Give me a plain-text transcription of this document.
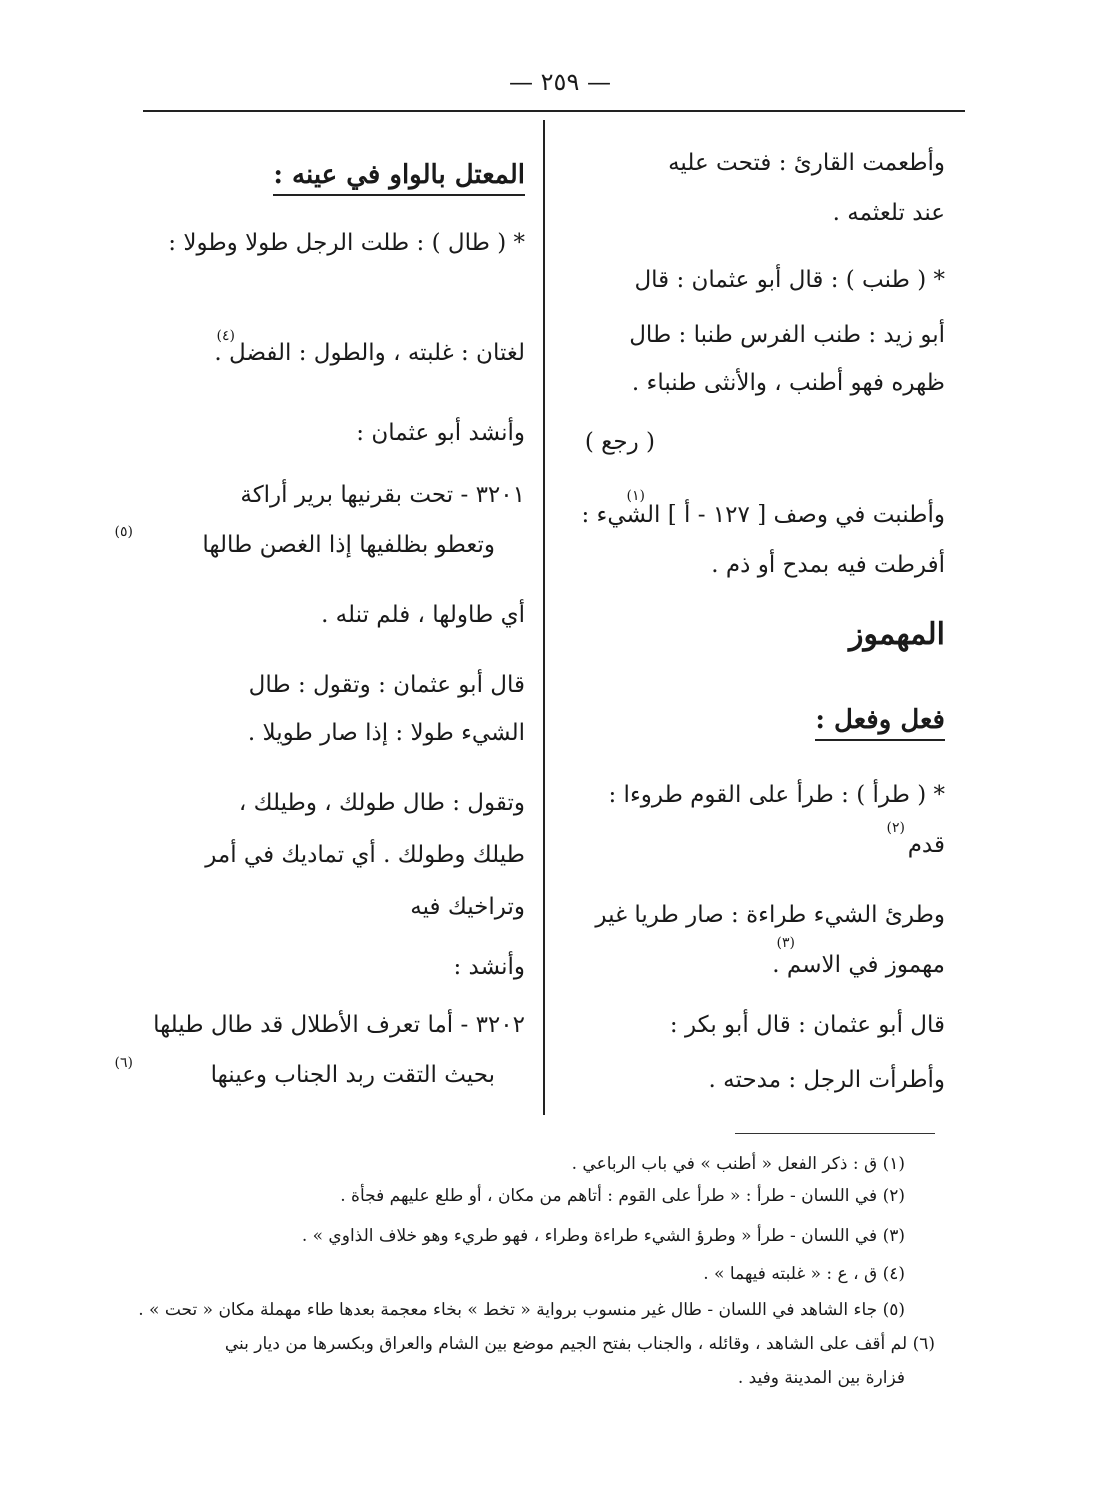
— ٢٥٩ —
وأطعمت القارئ : فتحت عليه
عند تلعثمه .
* ( طنب ) : قال أبو عثمان : قال
أبو زيد : طنب الفرس طنبا : طال
ظهره فهو أطنب ، والأنثى طنباء .
( رجع )
وأطنبت في وصف [ ١٢٧ - أ ] الشيء :
(١)
أفرطت فيه بمدح أو ذم .
المهموز
فعل وفعل :
* ( طرأ ) : طرأ على القوم طروءا :
قدم
(٢)
وطرئ الشيء طراءة : صار طريا غير
مهموز في الاسم .
(٣)
قال أبو عثمان : قال أبو بكر :
وأطرأت الرجل : مدحته .
المعتل بالواو في عينه :
* ( طال ) : طلت الرجل طولا وطولا :
لغتان : غلبته ، والطول : الفضل .
(٤)
وأنشد أبو عثمان :
٣٢٠١ - تحت بقرنيها برير أراكة
وتعطو بظلفيها إذا الغصن طالها
(٥)
أي طاولها ، فلم تنله .
قال أبو عثمان : وتقول : طال
الشيء طولا : إذا صار طويلا .
وتقول : طال طولك ، وطيلك ،
طيلك وطولك . أي تماديك في أمر
وتراخيك فيه
وأنشد :
٣٢٠٢ - أما تعرف الأطلال قد طال طيلها
بحيث التقت ربد الجناب وعينها
(٦)
(١) ق : ذكر الفعل « أطنب » في باب الرباعي .
(٢) في اللسان - طرأ : « طرأ على القوم : أتاهم من مكان ، أو طلع عليهم فجأة .
(٣) في اللسان - طرأ « وطرؤ الشيء طراءة وطراء ، فهو طريء وهو خلاف الذاوي » .
(٤) ق ، ع : « غلبته فيهما » .
(٥) جاء الشاهد في اللسان - طال غير منسوب برواية « تخط » بخاء معجمة بعدها طاء مهملة مكان « تحت » .
(٦) لم أقف على الشاهد ، وقائله ، والجناب بفتح الجيم موضع بين الشام والعراق وبكسرها من ديار بني
فزارة بين المدينة وفيد .
